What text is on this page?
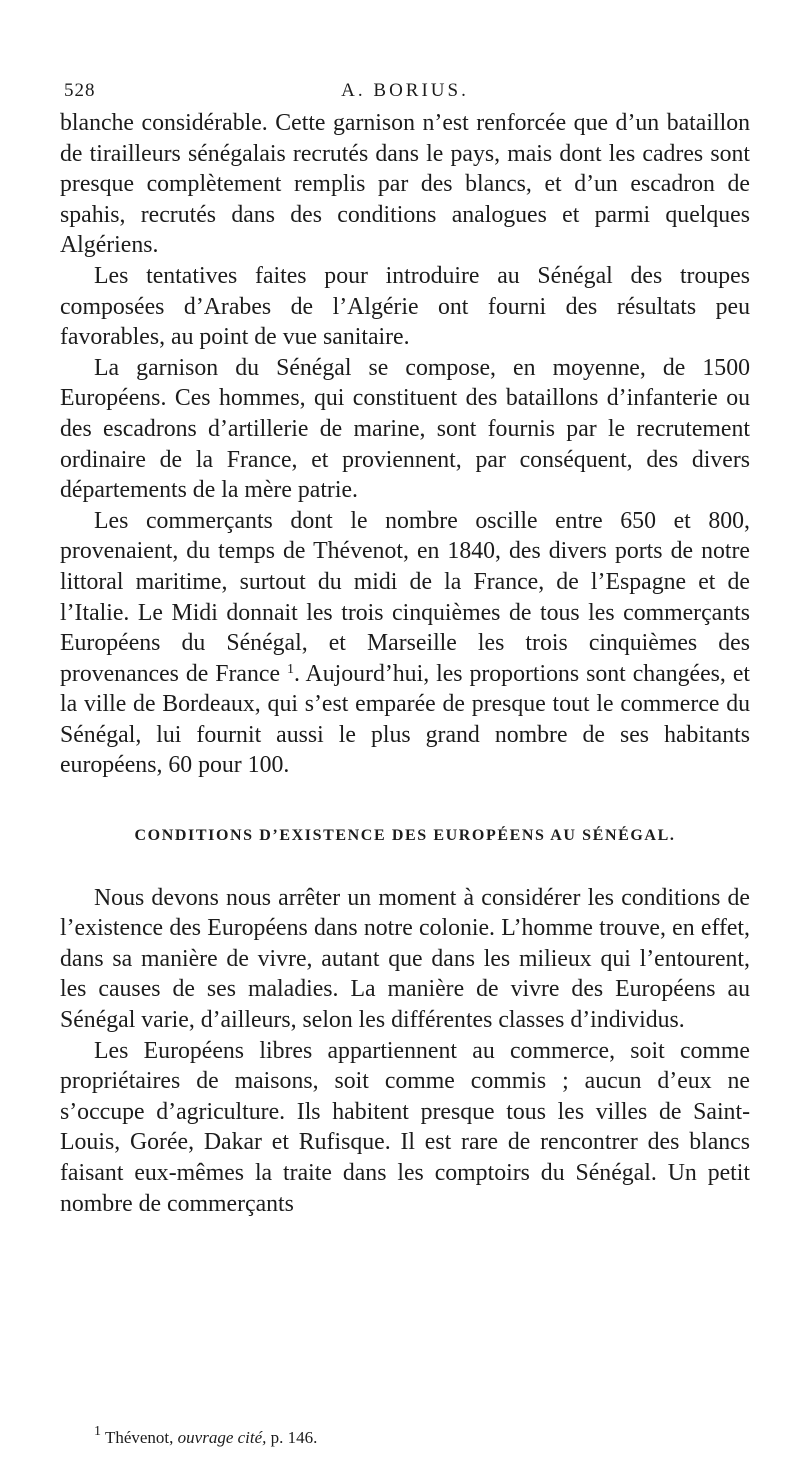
528	A. BORIUS.

blanche considérable. Cette garnison n’est renforcée que d’un bataillon de tirailleurs sénégalais recrutés dans le pays, mais dont les cadres sont presque complètement remplis par des blancs, et d’un escadron de spahis, recrutés dans des conditions analogues et parmi quelques Algériens.

Les tentatives faites pour introduire au Sénégal des troupes composées d’Arabes de l’Algérie ont fourni des résultats peu favorables, au point de vue sanitaire.

La garnison du Sénégal se compose, en moyenne, de 1500 Européens. Ces hommes, qui constituent des bataillons d’infanterie ou des escadrons d’artillerie de marine, sont fournis par le recrutement ordinaire de la France, et proviennent, par conséquent, des divers départements de la mère patrie.

Les commerçants dont le nombre oscille entre 650 et 800, provenaient, du temps de Thévenot, en 1840, des divers ports de notre littoral maritime, surtout du midi de la France, de l’Espagne et de l’Italie. Le Midi donnait les trois cinquièmes de tous les commerçants Européens du Sénégal, et Marseille les trois cinquièmes des provenances de France $^1$. Aujourd’hui, les proportions sont changées, et la ville de Bordeaux, qui s’est emparée de presque tout le commerce du Sénégal, lui fournit aussi le plus grand nombre de ses habitants européens, 60 pour 100.

CONDITIONS D’EXISTENCE DES EUROPÉENS AU SÉNÉGAL.

Nous devons nous arrêter un moment à considérer les conditions de l’existence des Européens dans notre colonie. L’homme trouve, en effet, dans sa manière de vivre, autant que dans les milieux qui l’entourent, les causes de ses maladies. La manière de vivre des Européens au Sénégal varie, d’ailleurs, selon les différentes classes d’individus.

Les Européens libres appartiennent au commerce, soit comme propriétaires de maisons, soit comme commis ; aucun d’eux ne s’occupe d’agriculture. Ils habitent presque tous les villes de Saint-Louis, Gorée, Dakar et Rufisque. Il est rare de rencontrer des blancs faisant eux-mêmes la traite dans les comptoirs du Sénégal. Un petit nombre de commerçants

$^1$ Thévenot, ouvrage cité, p. 146.
